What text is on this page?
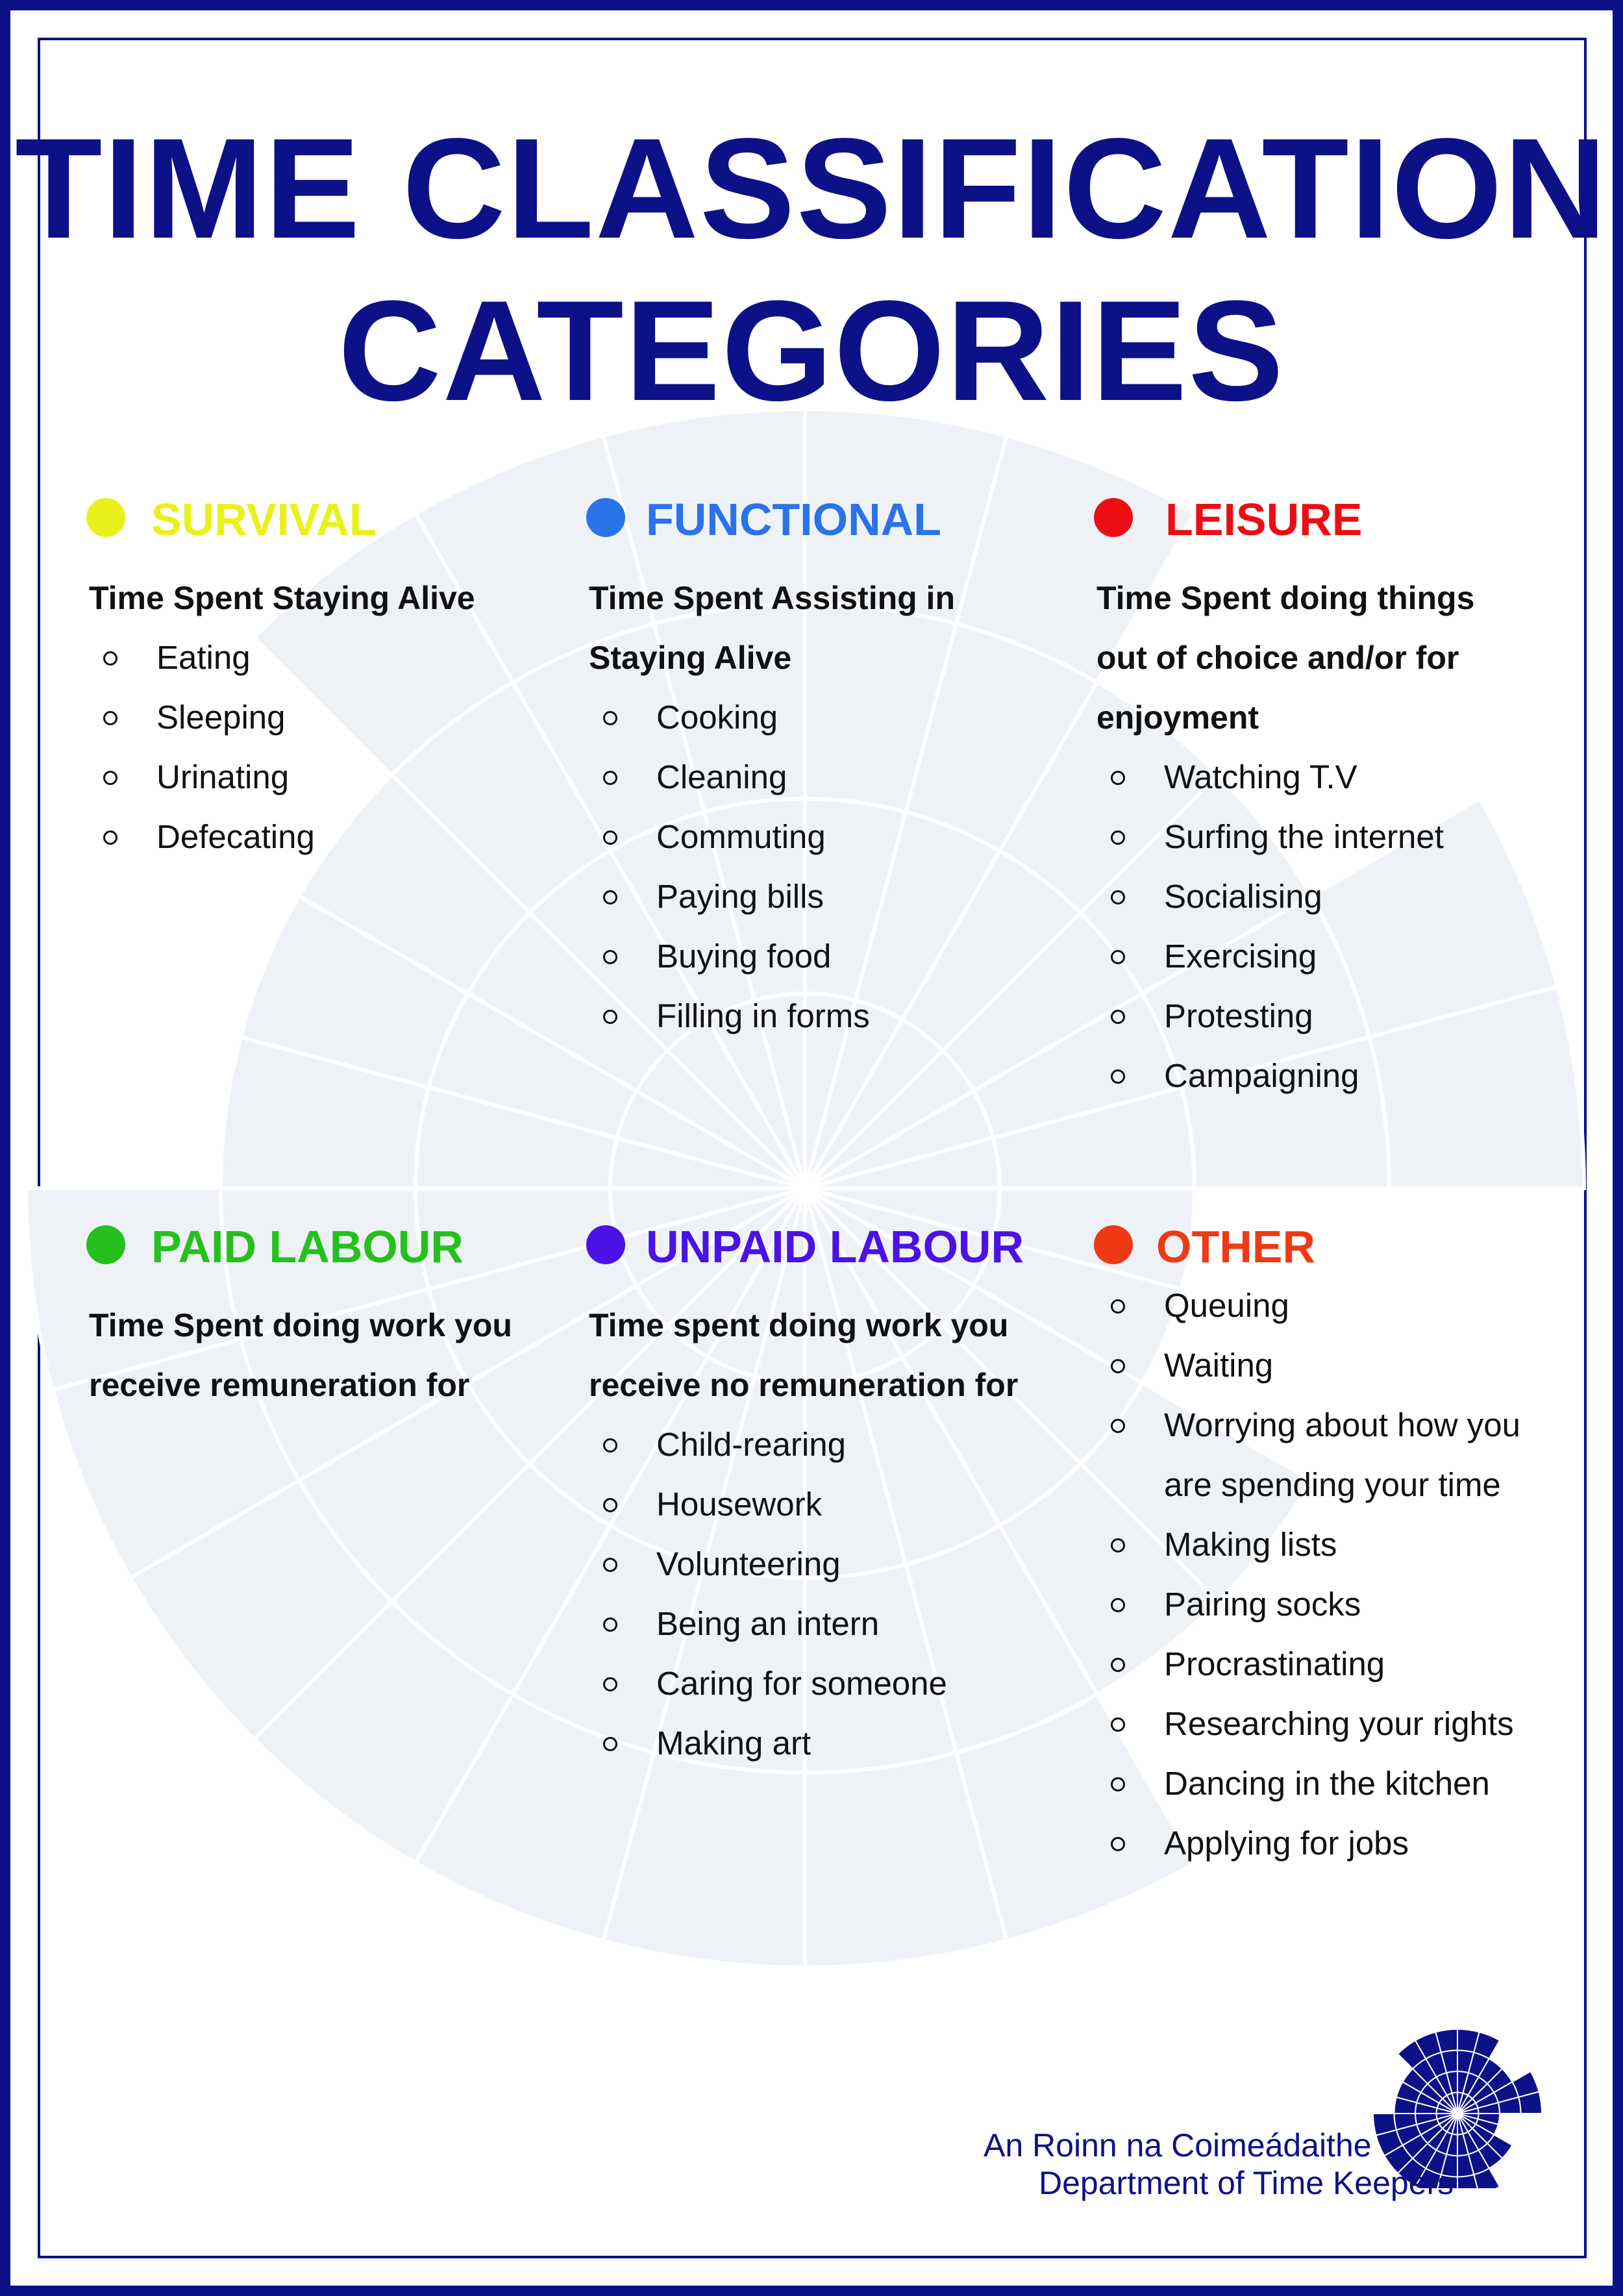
TIME CLASSIFICATION
CATEGORIES
SURVIVAL
Time Spent Staying Alive
Eating
Sleeping
Urinating
Defecating
FUNCTIONAL
Time Spent Assisting in Staying Alive
Cooking
Cleaning
Commuting
Paying bills
Buying food
Filling in forms
LEISURE
Time Spent doing things out of choice and/or for enjoyment
Watching T.V
Surfing the internet
Socialising
Exercising
Protesting
Campaigning
PAID LABOUR
Time Spent doing work you receive remuneration for
UNPAID LABOUR
Time spent doing work you receive no remuneration for
Child-rearing
Housework
Volunteering
Being an intern
Caring for someone
Making art
OTHER
Queuing
Waiting
Worrying about how you are spending your time
Making lists
Pairing socks
Procrastinating
Researching your rights
Dancing in the kitchen
Applying for jobs
An Roinn na Coimeádaithe
Department of Time Keepers
